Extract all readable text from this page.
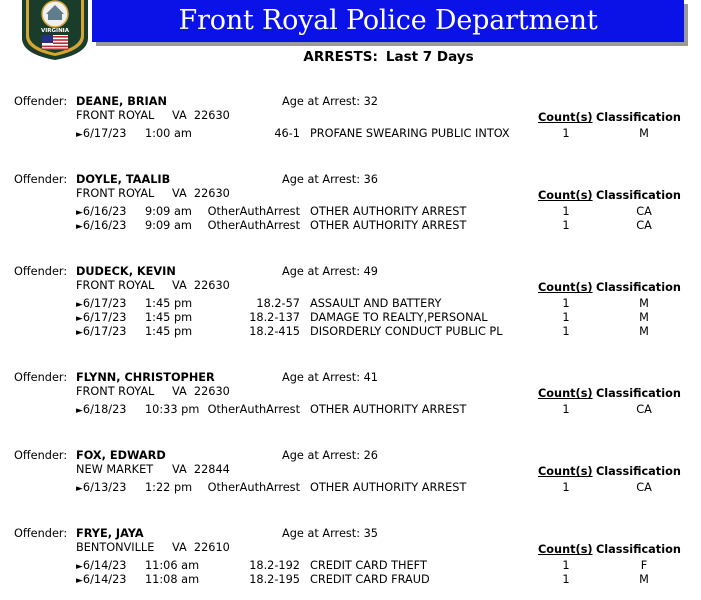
VIRGINIA	Front Royal Police Department
ARRESTS: Last 7 Days
Offender: DEANE, BRIAN	Age at Arrest: 32
FRONT ROYAL VA  22630	Count(s) Classification
►6/17/23 1:00 am	46-1 PROFANE SWEARING PUBLIC INTOX	1	M
Offender: DOYLE, TAALIB	Age at Arrest: 36
FRONT ROYAL VA  22630	Count(s) Classification
►6/16/23 9:09 am OtherAuthArrest OTHER AUTHORITY ARREST	1	CA
►6/16/23 9:09 am OtherAuthArrest OTHER AUTHORITY ARREST	1	CA
Offender: DUDECK, KEVIN	Age at Arrest: 49
FRONT ROYAL VA  22630	Count(s) Classification
►6/17/23 1:45 pm	18.2-57 ASSAULT AND BATTERY	1	M
►6/17/23 1:45 pm	18.2-137 DAMAGE TO REALTY,PERSONAL	1	M
►6/17/23 1:45 pm	18.2-415 DISORDERLY CONDUCT PUBLIC PL	1	M
Offender: FLYNN, CHRISTOPHER	Age at Arrest: 41
FRONT ROYAL VA  22630	Count(s) Classification
►6/18/23 10:33 pm OtherAuthArrest OTHER AUTHORITY ARREST	1	CA
Offender: FOX, EDWARD	Age at Arrest: 26
NEW MARKET VA  22844	Count(s) Classification
►6/13/23 1:22 pm OtherAuthArrest OTHER AUTHORITY ARREST	1	CA
Offender: FRYE, JAYA	Age at Arrest: 35
BENTONVILLE VA  22610	Count(s) Classification
►6/14/23 11:06 am	18.2-192 CREDIT CARD THEFT	1	F
►6/14/23 11:08 am	18.2-195 CREDIT CARD FRAUD	1	M
